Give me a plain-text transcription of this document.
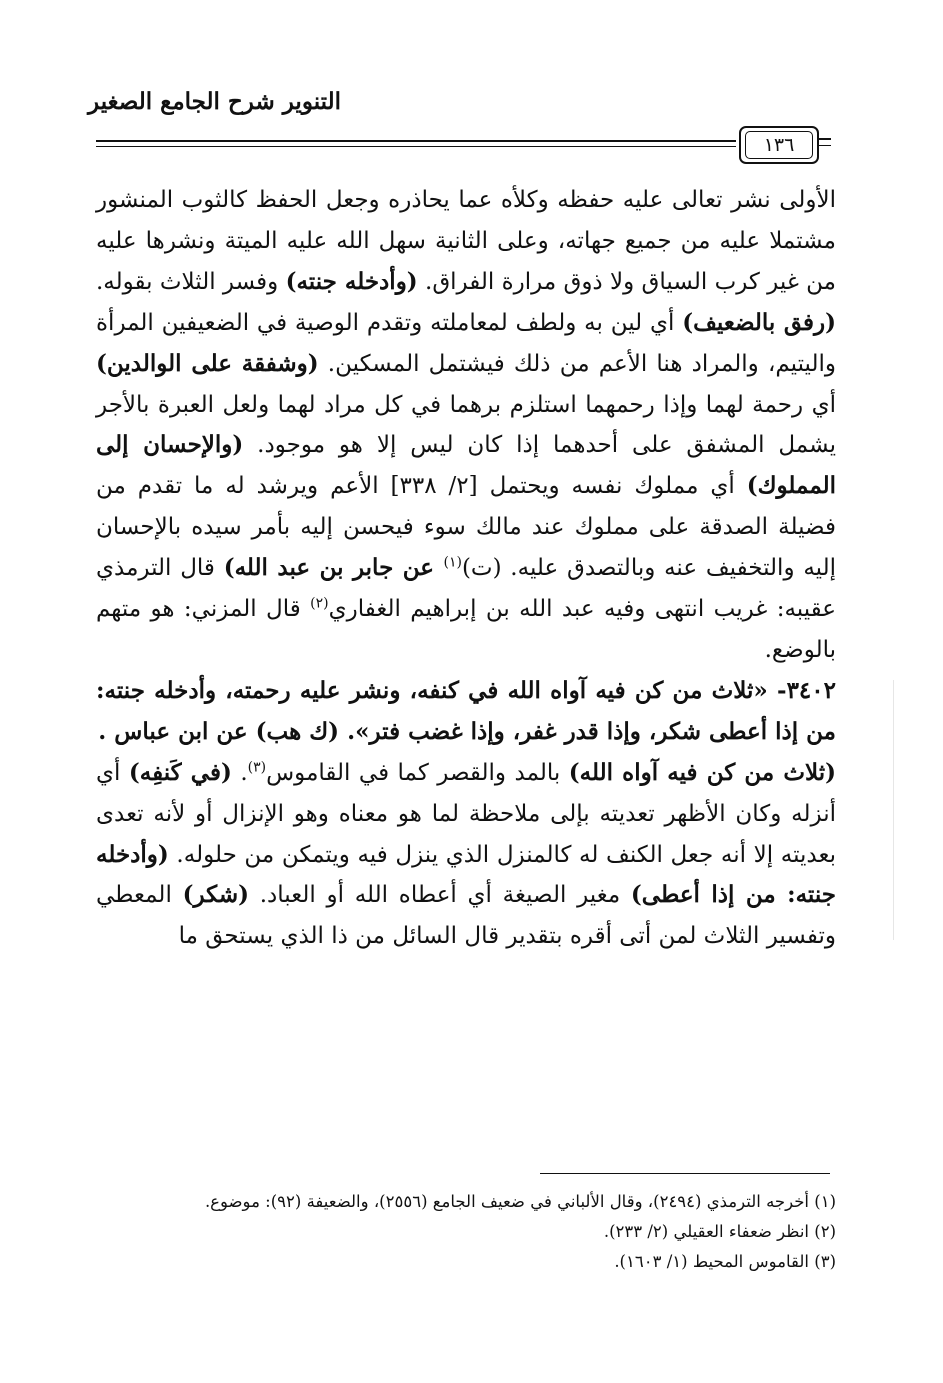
التنوير شرح الجامع الصغير
١٣٦

الأولى نشر تعالى عليه حفظه وكلأه عما يحاذره وجعل الحفظ كالثوب المنشور مشتملا عليه من جميع جهاته، وعلى الثانية سهل الله عليه الميتة ونشرها عليه من غير كرب السياق ولا ذوق مرارة الفراق. (وأدخله جنته) وفسر الثلاث بقوله. (رفق بالضعيف) أي لين به ولطف لمعاملته وتقدم الوصية في الضعيفين المرأة واليتيم، والمراد هنا الأعم من ذلك فيشتمل المسكين. (وشفقة على الوالدين) أي رحمة لهما وإذا رحمهما استلزم برهما في كل مراد لهما ولعل العبرة بالأجر يشمل المشفق على أحدهما إذا كان ليس إلا هو موجود. (والإحسان إلى المملوك) أي مملوك نفسه ويحتمل [٢/ ٣٣٨] الأعم ويرشد له ما تقدم من فضيلة الصدقة على مملوك عند مالك سوء فيحسن إليه بأمر سيده بالإحسان إليه والتخفيف عنه وبالتصدق عليه. (ت)$^{(١)}$ عن جابر بن عبد الله) قال الترمذي عقيبه: غريب انتهى وفيه عبد الله بن إبراهيم الغفاري$^{(٢)}$ قال المزني: هو متهم بالوضع.

٣٤٠٢- «ثلاث من كن فيه آواه الله في كنفه، ونشر عليه رحمته، وأدخله جنته: من إذا أعطى شكر، وإذا قدر غفر، وإذا غضب فتر». (ك هب) عن ابن عباس .

(ثلاث من كن فيه آواه الله) بالمد والقصر كما في القاموس$^{(٣)}$. (في كَنفِه) أي أنزله وكان الأظهر تعديته بإلى ملاحظة لما هو معناه وهو الإنزال أو لأنه تعدى بعديته إلا أنه جعل الكنف له كالمنزل الذي ينزل فيه ويتمكن من حلوله. (وأدخله جنته: من إذا أعطى) مغير الصيغة أي أعطاه الله أو العباد. (شكر) المعطي وتفسير الثلاث لمن أتى أقره بتقدير قال السائل من ذا الذي يستحق ما

(١) أخرجه الترمذي (٢٤٩٤)، وقال الألباني في ضعيف الجامع (٢٥٥٦)، والضعيفة (٩٢): موضوع.
(٢) انظر ضعفاء العقيلي (٢/ ٢٣٣).
(٣) القاموس المحيط (١/ ١٦٠٣).
